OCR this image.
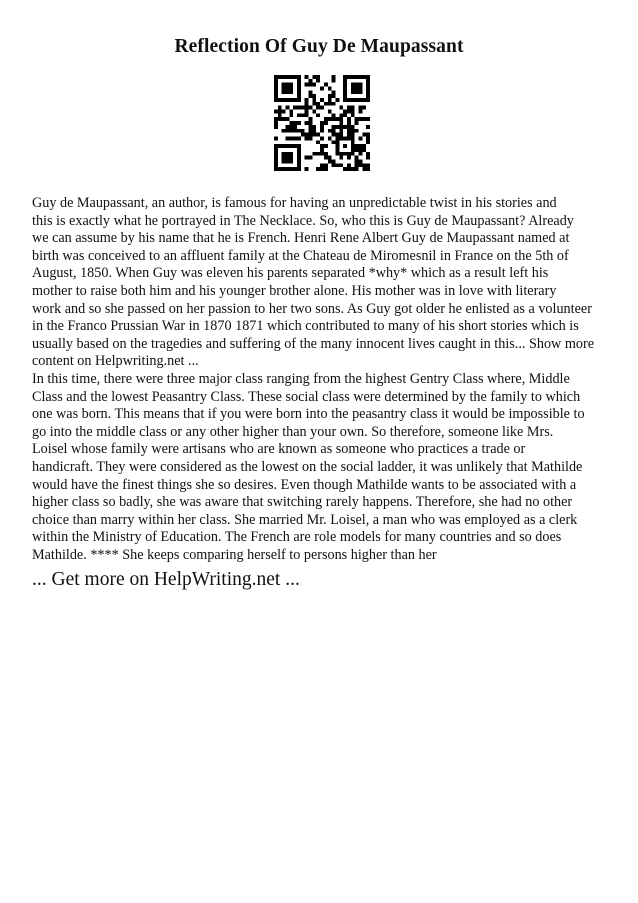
Reflection Of Guy De Maupassant
Guy de Maupassant, an author, is famous for having an unpredictable twist in his stories and
this is exactly what he portrayed in The Necklace. So, who this is Guy de Maupassant? Already
we can assume by his name that he is French. Henri Rene Albert Guy de Maupassant named at
birth was conceived to an affluent family at the Chateau de Miromesnil in France on the 5th of
August, 1850. When Guy was eleven his parents separated *why* which as a result left his
mother to raise both him and his younger brother alone. His mother was in love with literary
work and so she passed on her passion to her two sons. As Guy got older he enlisted as a volunteer
in the Franco Prussian War in 1870 1871 which contributed to many of his short stories which is
usually based on the tragedies and suffering of the many innocent lives caught in this... Show more
content on Helpwriting.net ...
In this time, there were three major class ranging from the highest Gentry Class where, Middle
Class and the lowest Peasantry Class. These social class were determined by the family to which
one was born. This means that if you were born into the peasantry class it would be impossible to
go into the middle class or any other higher than your own. So therefore, someone like Mrs.
Loisel whose family were artisans who are known as someone who practices a trade or
handicraft. They were considered as the lowest on the social ladder, it was unlikely that Mathilde
would have the finest things she so desires. Even though Mathilde wants to be associated with a
higher class so badly, she was aware that switching rarely happens. Therefore, she had no other
choice than marry within her class. She married Mr. Loisel, a man who was employed as a clerk
within the Ministry of Education. The French are role models for many countries and so does
Mathilde. **** She keeps comparing herself to persons higher than her
... Get more on HelpWriting.net ...
